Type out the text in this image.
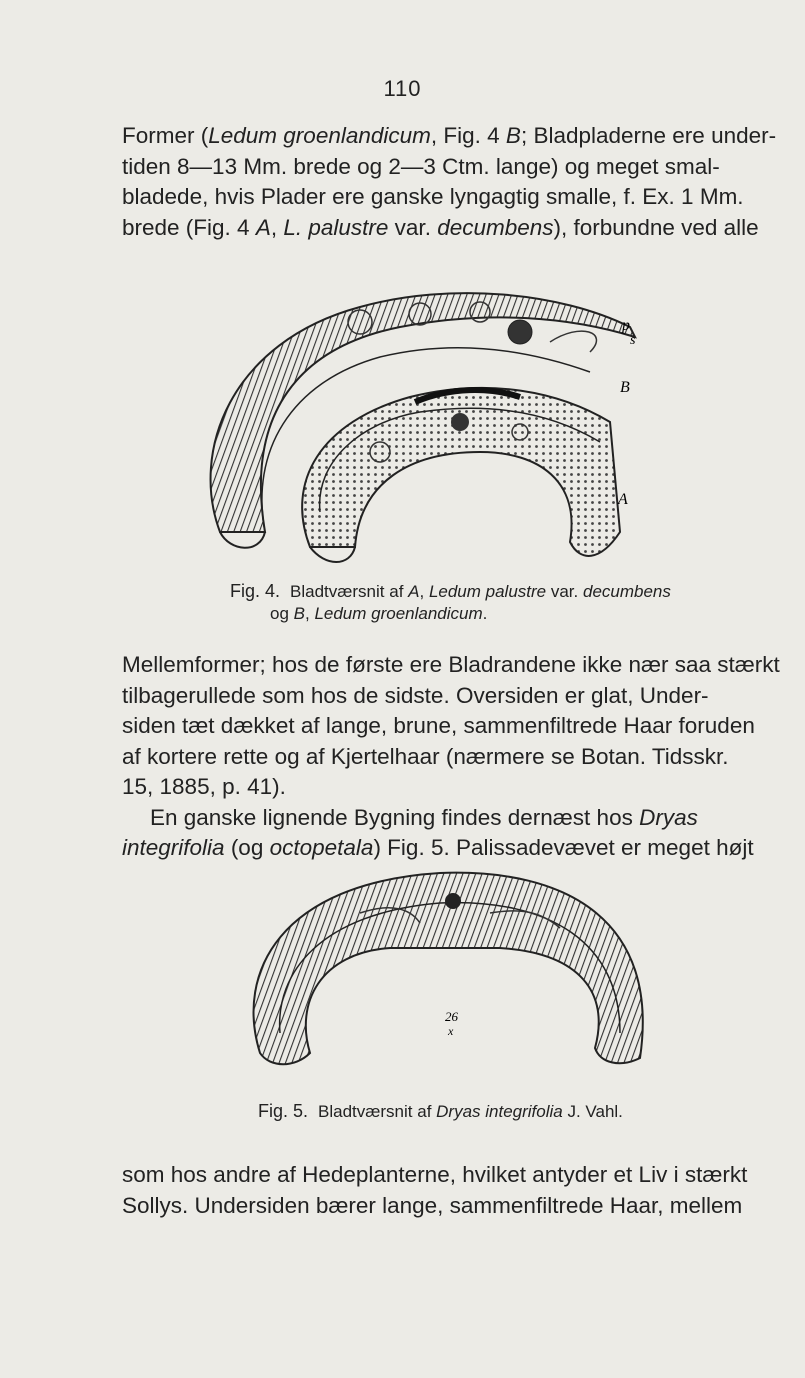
110
Former (Ledum groenlandicum, Fig. 4 B; Bladpladerne ere under-
tiden 8—13 Mm. brede og 2—3 Ctm. lange) og meget smal-
bladede, hvis Plader ere ganske lyngagtig smalle, f. Ex. 1 Mm.
brede (Fig. 4 A, L. palustre var. decumbens), forbundne ved alle
p
s
B
A
Fig. 4. Bladtværsnit af A, Ledum palustre var. decumbens
og B, Ledum groenlandicum.
Mellemformer; hos de første ere Bladrandene ikke nær saa stærkt
tilbagerullede som hos de sidste. Oversiden er glat, Under-
siden tæt dækket af lange, brune, sammenfiltrede Haar foruden
af kortere rette og af Kjertelhaar (nærmere se Botan. Tidsskr.
15, 1885, p. 41).
En ganske lignende Bygning findes dernæst hos Dryas
integrifolia (og octopetala) Fig. 5. Palissadevævet er meget højt
26
x
Fig. 5. Bladtværsnit af Dryas integrifolia J. Vahl.
som hos andre af Hedeplanterne, hvilket antyder et Liv i stærkt
Sollys. Undersiden bærer lange, sammenfiltrede Haar, mellem
